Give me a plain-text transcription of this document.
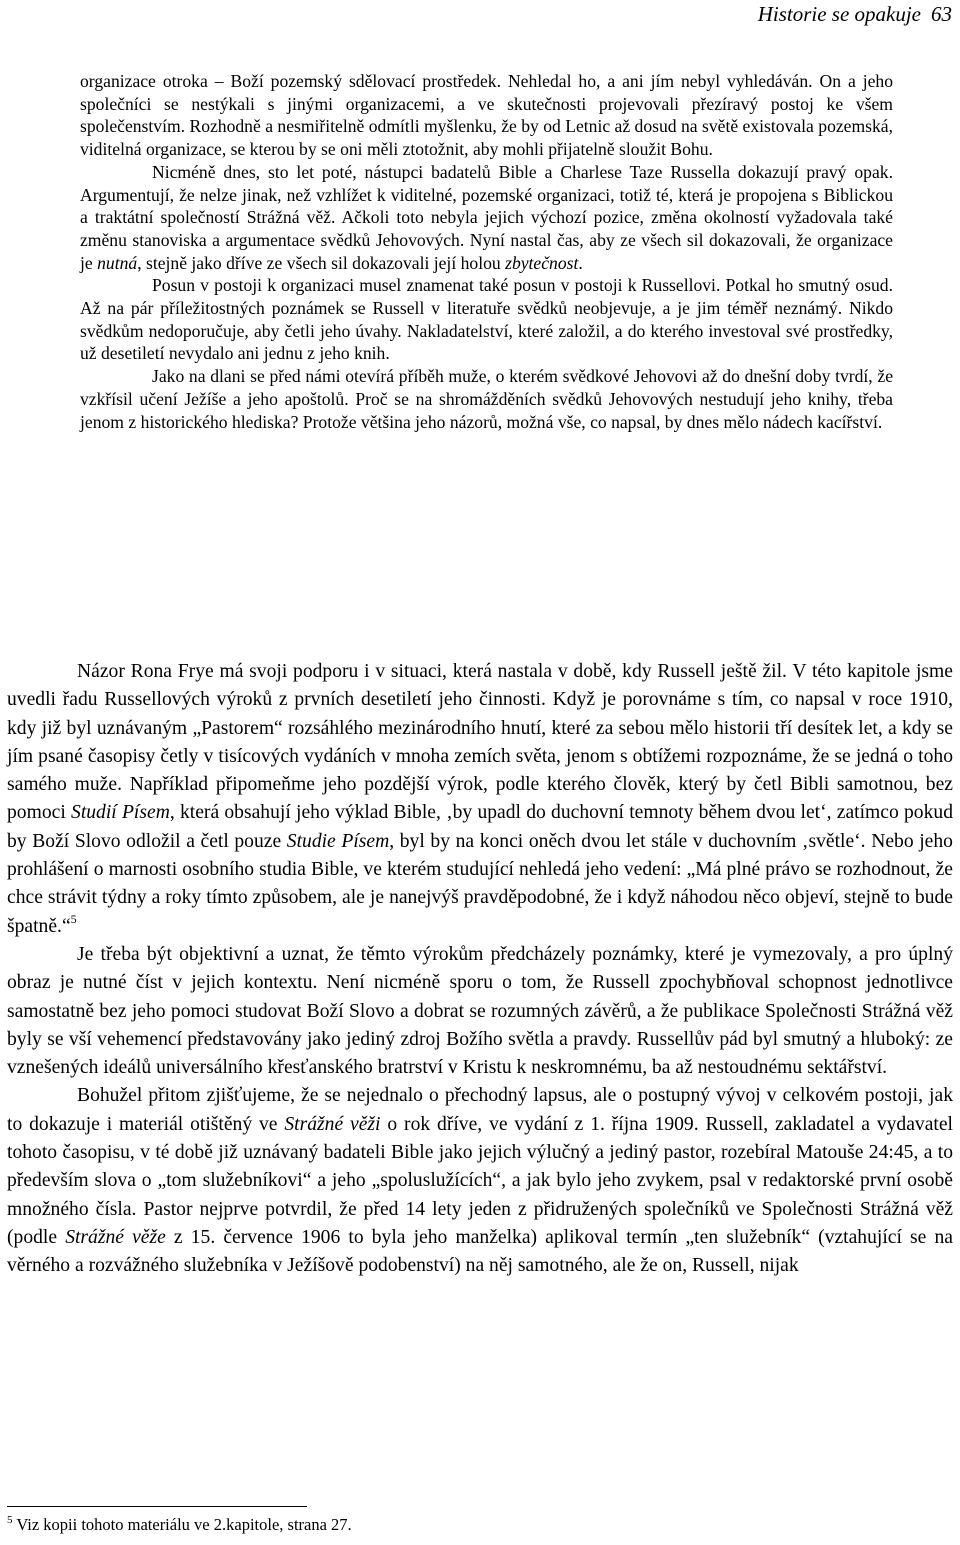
Historie se opakuje 63

organizace otroka – Boží pozemský sdělovací prostředek. Nehledal ho, a ani jím nebyl vyhledáván. On a jeho společníci se nestýkali s jinými organizacemi, a ve skutečnosti projevovali přezíravý postoj ke všem společenstvím. Rozhodně a nesmiřitelně odmítli myšlenku, že by od Letnic až dosud na světě existovala pozemská, viditelná organizace, se kterou by se oni měli ztotožnit, aby mohli přijatelně sloužit Bohu.

Nicméně dnes, sto let poté, nástupci badatelů Bible a Charlese Taze Russella dokazují pravý opak. Argumentují, že nelze jinak, než vzhlížet k viditelné, pozemské organizaci, totiž té, která je propojena s Biblickou a traktátní společností Strážná věž. Ačkoli toto nebyla jejich výchozí pozice, změna okolností vyžadovala také změnu stanoviska a argumentace svědků Jehovových. Nyní nastal čas, aby ze všech sil dokazovali, že organizace je nutná, stejně jako dříve ze všech sil dokazovali její holou zbytečnost.

Posun v postoji k organizaci musel znamenat také posun v postoji k Russellovi. Potkal ho smutný osud. Až na pár příležitostných poznámek se Russell v literatuře svědků neobjevuje, a je jim téměř neznámý. Nikdo svědkům nedoporučuje, aby četli jeho úvahy. Nakladatelství, které založil, a do kterého investoval své prostředky, už desetiletí nevydalo ani jednu z jeho knih.

Jako na dlani se před námi otevírá příběh muže, o kterém svědkové Jehovovi až do dnešní doby tvrdí, že vzkřísil učení Ježíše a jeho apoštolů. Proč se na shromážděních svědků Jehovových nestudují jeho knihy, třeba jenom z historického hlediska? Protože většina jeho názorů, možná vše, co napsal, by dnes mělo nádech kacířství.

Názor Rona Frye má svoji podporu i v situaci, která nastala v době, kdy Russell ještě žil. V této kapitole jsme uvedli řadu Russellových výroků z prvních desetiletí jeho činnosti. Když je porovnáme s tím, co napsal v roce 1910, kdy již byl uznávaným „Pastorem“ rozsáhlého mezinárodního hnutí, které za sebou mělo historii tří desítek let, a kdy se jím psané časopisy četly v tisícových vydáních v mnoha zemích světa, jenom s obtížemi rozpoznáme, že se jedná o toho samého muže. Například připomeňme jeho pozdější výrok, podle kterého člověk, který by četl Bibli samotnou, bez pomoci Studií Písem, která obsahují jeho výklad Bible, ‚by upadl do duchovní temnoty během dvou let‘, zatímco pokud by Boží Slovo odložil a četl pouze Studie Písem, byl by na konci oněch dvou let stále v duchovním ‚světle‘. Nebo jeho prohlášení o marnosti osobního studia Bible, ve kterém studující nehledá jeho vedení: „Má plné právo se rozhodnout, že chce strávit týdny a roky tímto způsobem, ale je nanejvýš pravděpodobné, že i když náhodou něco objeví, stejně to bude špatně.“$^5$

Je třeba být objektivní a uznat, že těmto výrokům předcházely poznámky, které je vymezovaly, a pro úplný obraz je nutné číst v jejich kontextu. Není nicméně sporu o tom, že Russell zpochybňoval schopnost jednotlivce samostatně bez jeho pomoci studovat Boží Slovo a dobrat se rozumných závěrů, a že publikace Společnosti Strážná věž byly se vší vehemencí představovány jako jediný zdroj Božího světla a pravdy. Russellův pád byl smutný a hluboký: ze vznešených ideálů universálního křesťanského bratrství v Kristu k neskromnému, ba až nestoudnému sektářství.

Bohužel přitom zjišťujeme, že se nejednalo o přechodný lapsus, ale o postupný vývoj v celkovém postoji, jak to dokazuje i materiál otištěný ve Strážné věži o rok dříve, ve vydání z 1. října 1909. Russell, zakladatel a vydavatel tohoto časopisu, v té době již uznávaný badateli Bible jako jejich výlučný a jediný pastor, rozebíral Matouše 24:45, a to především slova o „tom služebníkovi“ a jeho „spoluslužících“, a jak bylo jeho zvykem, psal v redaktorské první osobě množného čísla. Pastor nejprve potvrdil, že před 14 lety jeden z přidružených společníků ve Společnosti Strážná věž (podle Strážné věže z 15. července 1906 to byla jeho manželka) aplikoval termín „ten služebník“ (vztahující se na věrného a rozvážného služebníka v Ježíšově podobenství) na něj samotného, ale že on, Russell, nijak

$^5$ Viz kopii tohoto materiálu ve 2.kapitole, strana 27.
